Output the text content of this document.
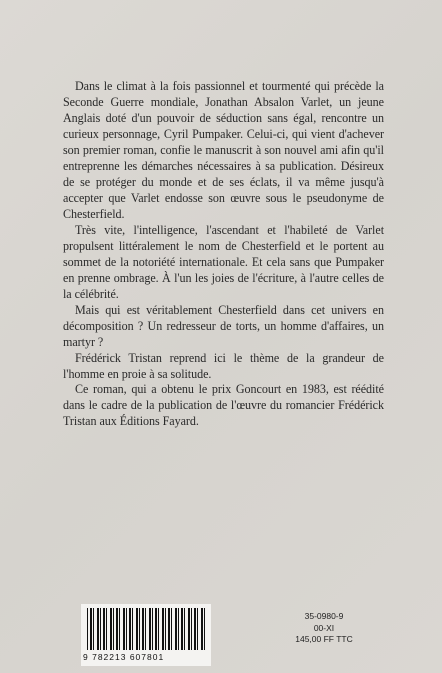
Dans le climat à la fois passionnel et tourmenté qui précède la Seconde Guerre mondiale, Jonathan Absalon Varlet, un jeune Anglais doté d'un pouvoir de séduction sans égal, rencontre un curieux personnage, Cyril Pumpaker. Celui-ci, qui vient d'achever son premier roman, confie le manuscrit à son nouvel ami afin qu'il entreprenne les démarches nécessaires à sa publication. Désireux de se protéger du monde et de ses éclats, il va même jusqu'à accepter que Varlet endosse son œuvre sous le pseudonyme de Chesterfield.

Très vite, l'intelligence, l'ascendant et l'habileté de Varlet propulsent littéralement le nom de Chesterfield et le portent au sommet de la notoriété internationale. Et cela sans que Pumpaker en prenne ombrage. À l'un les joies de l'écriture, à l'autre celles de la célébrité.

Mais qui est véritablement Chesterfield dans cet univers en décomposition ? Un redresseur de torts, un homme d'affaires, un martyr ?

Frédérick Tristan reprend ici le thème de la grandeur de l'homme en proie à sa solitude.

Ce roman, qui a obtenu le prix Goncourt en 1983, est réédité dans le cadre de la publication de l'œuvre du romancier Frédérick Tristan aux Éditions Fayard.

9 782213 607801
35-0980-9
00-XI
145,00 FF TTC
